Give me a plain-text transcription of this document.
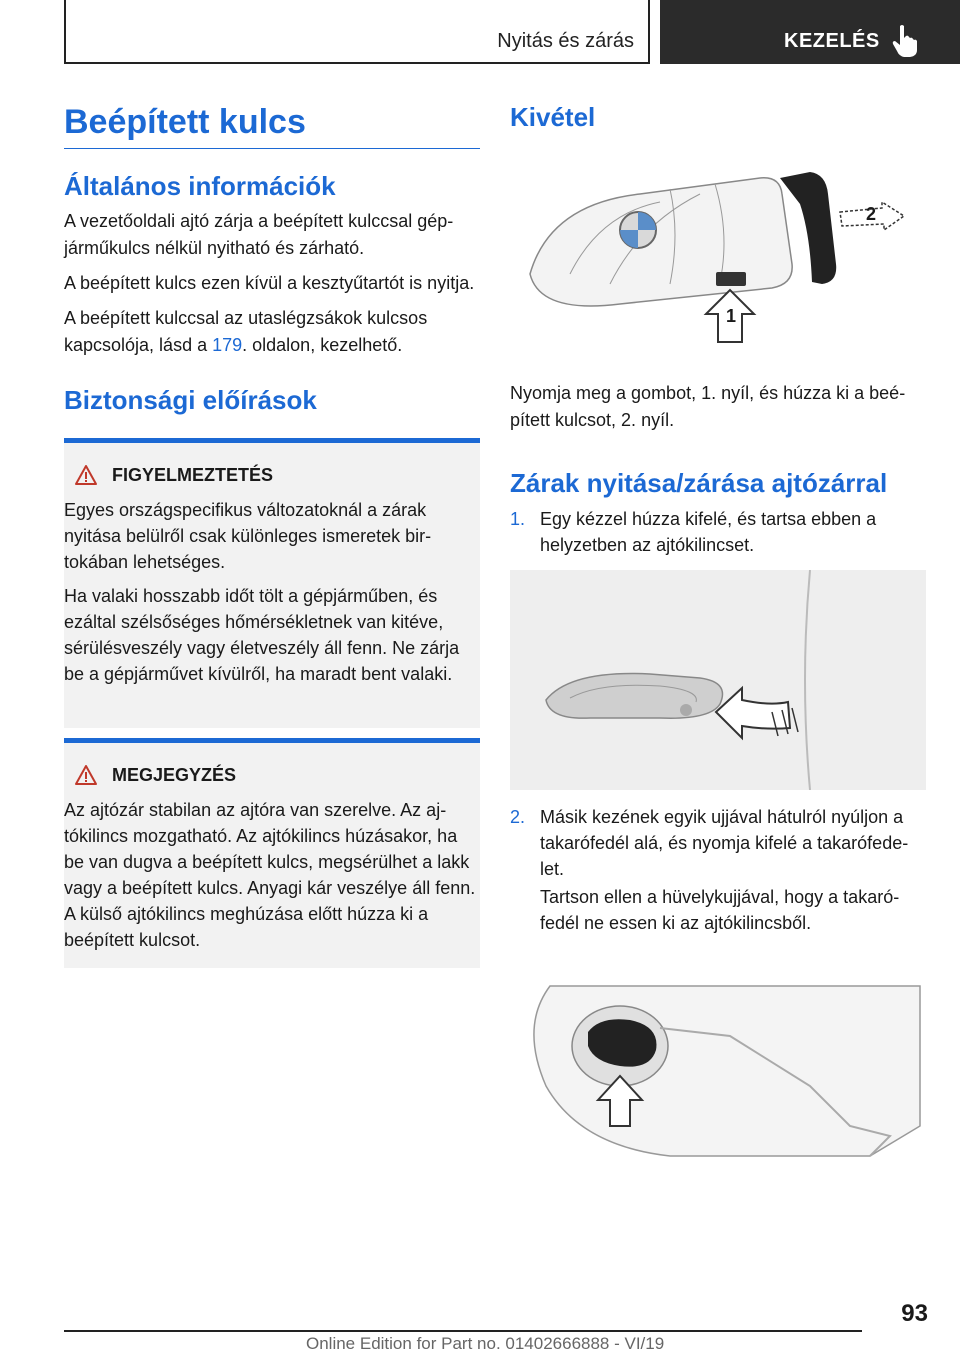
Nyitás és zárás	KEZELÉS
Beépített kulcs
Általános információk

A vezetőoldali ajtó zárja a beépített kulccsal gépjárműkulcs nélkül nyitható és zárható.

A beépített kulcs ezen kívül a kesztyűtartót is nyitja.

A beépített kulccsal az utaslégzsákok kulcsos kapcsolója, lásd a 179. oldalon, kezelhető.

Biztonsági előírások
FIGYELMEZTETÉS

Egyes országspecifikus változatoknál a zárak nyitása belülről csak különleges ismeretek birtokában lehetséges.

Ha valaki hosszabb időt tölt a gépjárműben, és ezáltal szélsőséges hőmérsékletnek van kitéve, sérülésveszély vagy életveszély áll fenn. Ne zárja be a gépjárművet kívülről, ha maradt bent valaki.

MEGJEGYZÉS

Az ajtózár stabilan az ajtóra van szerelve. Az ajtókilincs mozgatható. Az ajtókilincs húzásakor, ha be van dugva a beépített kulcs, megsérülhet a lakk vagy a beépített kulcs. Anyagi kár veszélye áll fenn. A külső ajtókilincs meghúzása előtt húzza ki a beépített kulcsot.

Kivétel
1
2

Nyomja meg a gombot, 1. nyíl, és húzza ki a beépített kulcsot, 2. nyíl.

Zárak nyitása/zárása ajtózárral
1. Egy kézzel húzza kifelé, és tartsa ebben a helyzetben az ajtókilincset.
2. Másik kezének egyik ujjával hátulról nyúljon a takarófedél alá, és nyomja kifelé a takarófedelet.
Tartson ellen a hüvelykujjával, hogy a takarófedél ne essen ki az ajtókilincsből.
93
Online Edition for Part no. 01402666888 - VI/19
